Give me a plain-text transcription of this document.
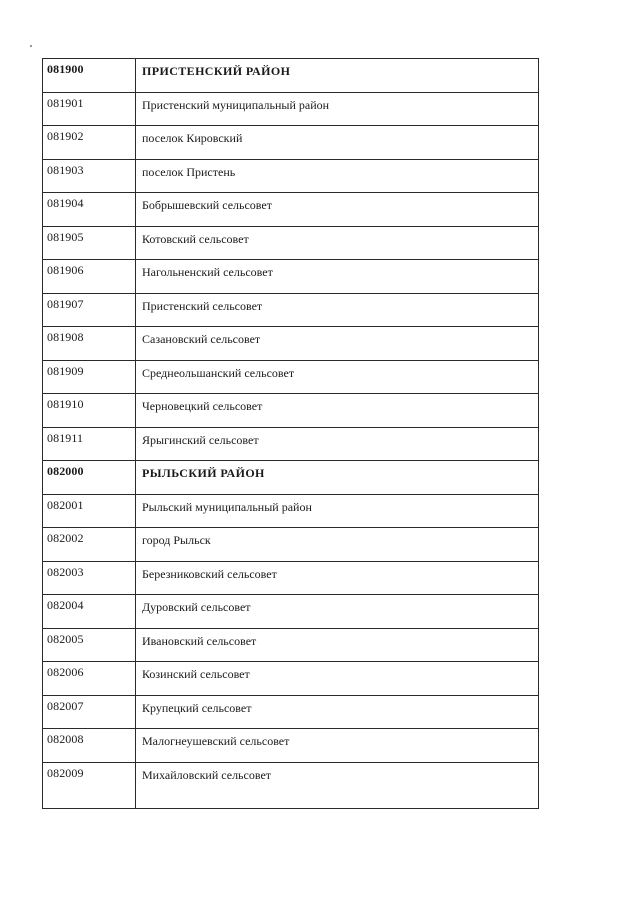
081900	ПРИСТЕНСКИЙ РАЙОН
081901	Пристенский муниципальный район
081902	поселок Кировский
081903	поселок Пристень
081904	Бобрышевский сельсовет
081905	Котовский сельсовет
081906	Нагольненский сельсовет
081907	Пристенский сельсовет
081908	Сазановский сельсовет
081909	Среднеольшанский сельсовет
081910	Черновецкий сельсовет
081911	Ярыгинский сельсовет
082000	РЫЛЬСКИЙ РАЙОН
082001	Рыльский муниципальный район
082002	город Рыльск
082003	Березниковский сельсовет
082004	Дуровский сельсовет
082005	Ивановский сельсовет
082006	Козинский сельсовет
082007	Крупецкий сельсовет
082008	Малогнеушевский сельсовет
082009	Михайловский сельсовет
